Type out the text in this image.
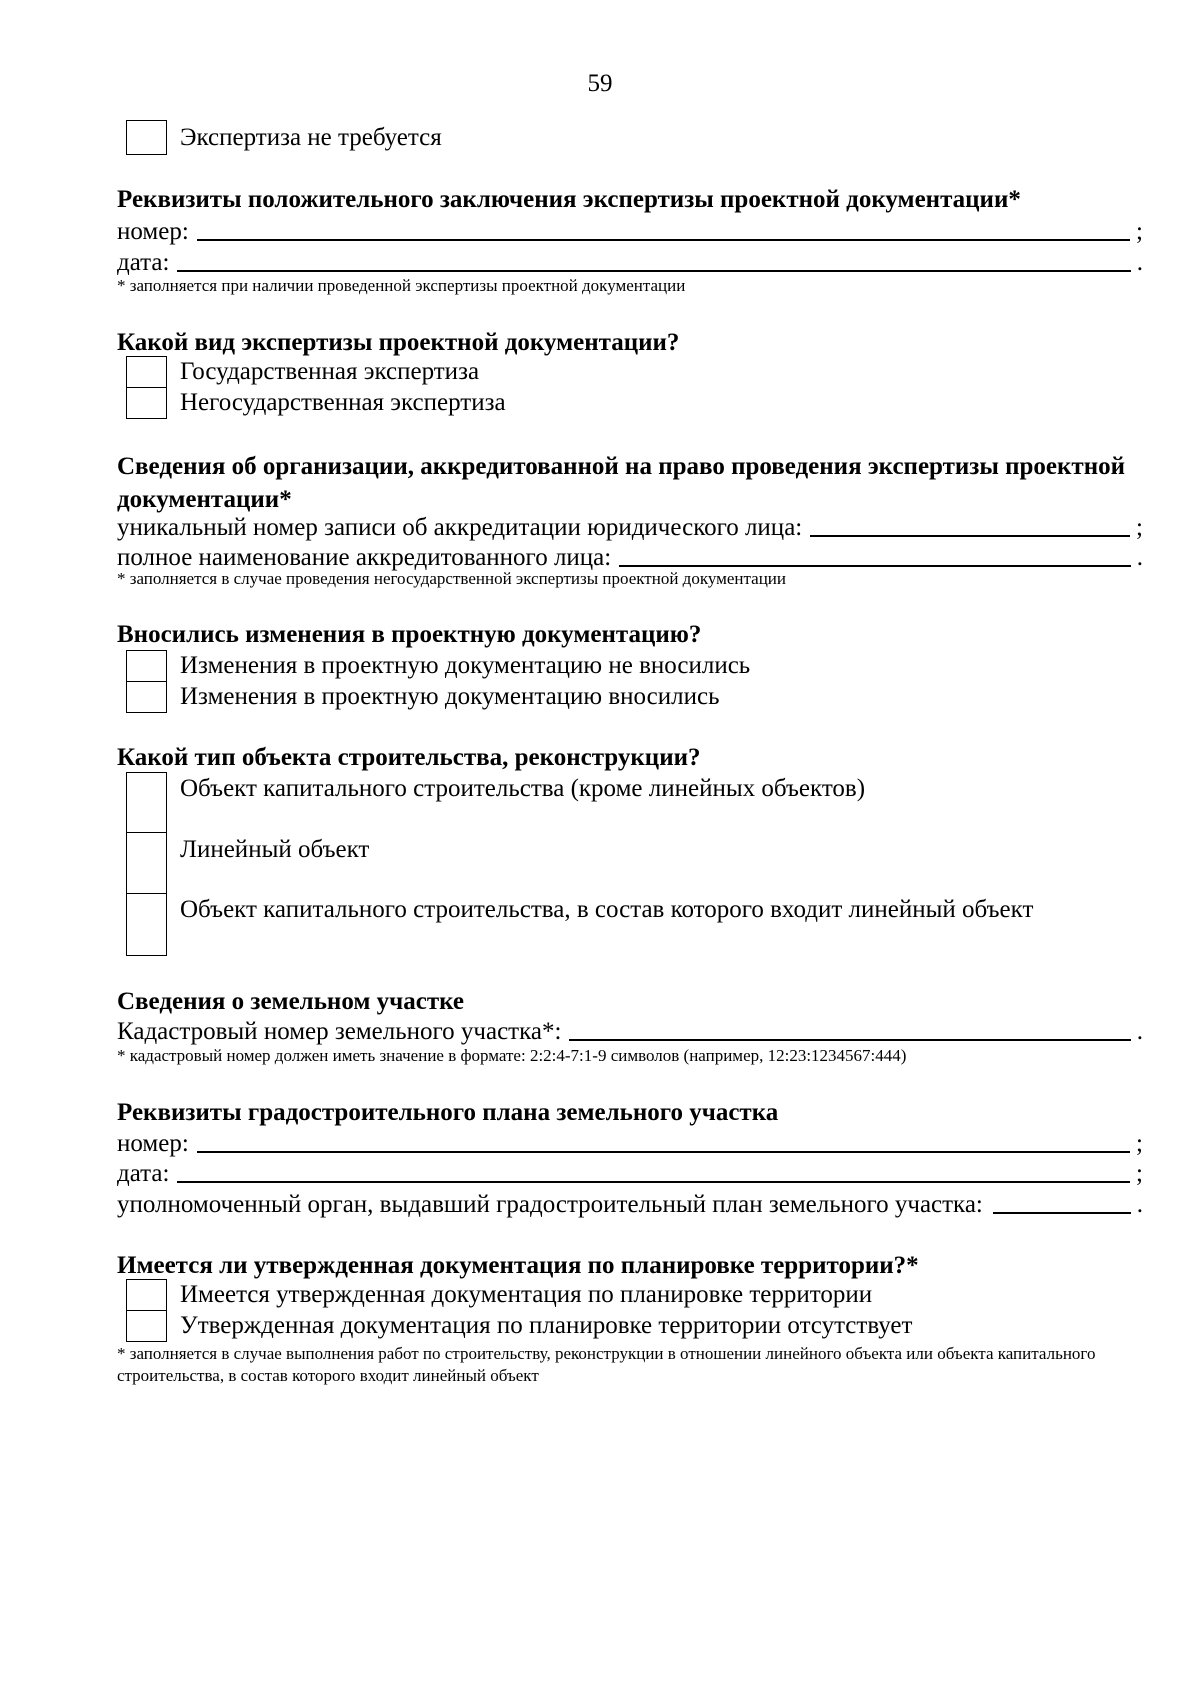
59
Экспертиза не требуется
Реквизиты положительного заключения экспертизы проектной документации*
номер:	;
дата:	.
* заполняется при наличии проведенной экспертизы проектной документации
Какой вид экспертизы проектной документации?
Государственная экспертиза
Негосударственная экспертиза
Сведения об организации, аккредитованной на право проведения экспертизы проектной документации*
уникальный номер записи об аккредитации юридического лица:	;
полное наименование аккредитованного лица:	.
* заполняется в случае проведения негосударственной экспертизы проектной документации
Вносились изменения в проектную документацию?
Изменения в проектную документацию не вносились
Изменения в проектную документацию вносились
Какой тип объекта строительства, реконструкции?
Объект капитального строительства (кроме линейных объектов)
Линейный объект
Объект капитального строительства, в состав которого входит линейный объект
Сведения о земельном участке
Кадастровый номер земельного участка*:	.
* кадастровый номер должен иметь значение в формате: 2:2:4-7:1-9 символов (например, 12:23:1234567:444)
Реквизиты градостроительного плана земельного участка
номер:	;
дата:	;
уполномоченный орган, выдавший градостроительный план земельного участка:	.
Имеется ли утвержденная документация по планировке территории?*
Имеется утвержденная документация по планировке территории
Утвержденная документация по планировке территории отсутствует
* заполняется в случае выполнения работ по строительству, реконструкции в отношении линейного объекта или объекта капитального строительства, в состав которого входит линейный объект
